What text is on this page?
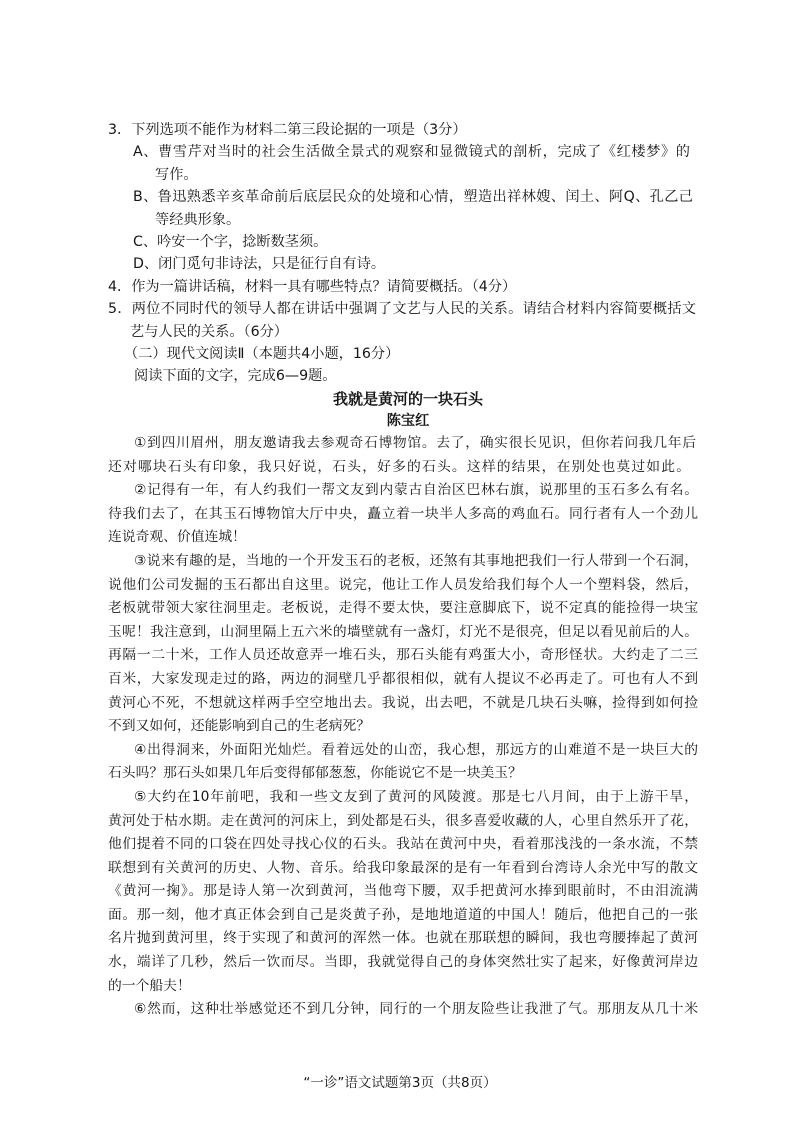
3．下列选项不能作为材料二第三段论据的一项是（3分）
A、曹雪芹对当时的社会生活做全景式的观察和显微镜式的剖析，完成了《红楼梦》的
写作。
B、鲁迅熟悉辛亥革命前后底层民众的处境和心情，塑造出祥林嫂、闰土、阿Q、孔乙己
等经典形象。
C、吟安一个字，捻断数茎须。
D、闭门觅句非诗法，只是征行自有诗。
4．作为一篇讲话稿，材料一具有哪些特点？请简要概括。（4分）
5．两位不同时代的领导人都在讲话中强调了文艺与人民的关系。请结合材料内容简要概括文
艺与人民的关系。（6分）
（二）现代文阅读Ⅱ（本题共4小题，16分）
阅读下面的文字，完成6—9题。
我就是黄河的一块石头
陈宝红
①到四川眉州，朋友邀请我去参观奇石博物馆。去了，确实很长见识，但你若问我几年后
还对哪块石头有印象，我只好说，石头，好多的石头。这样的结果，在别处也莫过如此。
②记得有一年，有人约我们一帮文友到内蒙古自治区巴林右旗，说那里的玉石多么有名。
待我们去了，在其玉石博物馆大厅中央，矗立着一块半人多高的鸡血石。同行者有人一个劲儿
连说奇观、价值连城！
③说来有趣的是，当地的一个开发玉石的老板，还煞有其事地把我们一行人带到一个石洞，
说他们公司发掘的玉石都出自这里。说完，他让工作人员发给我们每个人一个塑料袋，然后，
老板就带领大家往洞里走。老板说，走得不要太快，要注意脚底下，说不定真的能捡得一块宝
玉呢！我注意到，山洞里隔上五六米的墙壁就有一盏灯，灯光不是很亮，但足以看见前后的人。
再隔一二十米，工作人员还故意弄一堆石头，那石头能有鸡蛋大小，奇形怪状。大约走了二三
百米，大家发现走过的路，两边的洞壁几乎都很相似，就有人提议不必再走了。可也有人不到
黄河心不死，不想就这样两手空空地出去。我说，出去吧，不就是几块石头嘛，捡得到如何捡
不到又如何，还能影响到自己的生老病死？
④出得洞来，外面阳光灿烂。看着远处的山峦，我心想，那远方的山难道不是一块巨大的
石头吗？那石头如果几年后变得郁郁葱葱，你能说它不是一块美玉？
⑤大约在10年前吧，我和一些文友到了黄河的风陵渡。那是七八月间，由于上游干旱，
黄河处于枯水期。走在黄河的河床上，到处都是石头，很多喜爱收藏的人，心里自然乐开了花，
他们提着不同的口袋在四处寻找心仪的石头。我站在黄河中央，看着那浅浅的一条水流，不禁
联想到有关黄河的历史、人物、音乐。给我印象最深的是有一年看到台湾诗人余光中写的散文
《黄河一掬》。那是诗人第一次到黄河，当他弯下腰，双手把黄河水捧到眼前时，不由泪流满
面。那一刻，他才真正体会到自己是炎黄子孙，是地地道道的中国人！随后，他把自己的一张
名片抛到黄河里，终于实现了和黄河的浑然一体。也就在那联想的瞬间，我也弯腰捧起了黄河
水，端详了几秒，然后一饮而尽。当即，我就觉得自己的身体突然壮实了起来，好像黄河岸边
的一个船夫！
⑥然而，这种壮举感觉还不到几分钟，同行的一个朋友险些让我泄了气。那朋友从几十米
“一诊”语文试题第3页（共8页）
